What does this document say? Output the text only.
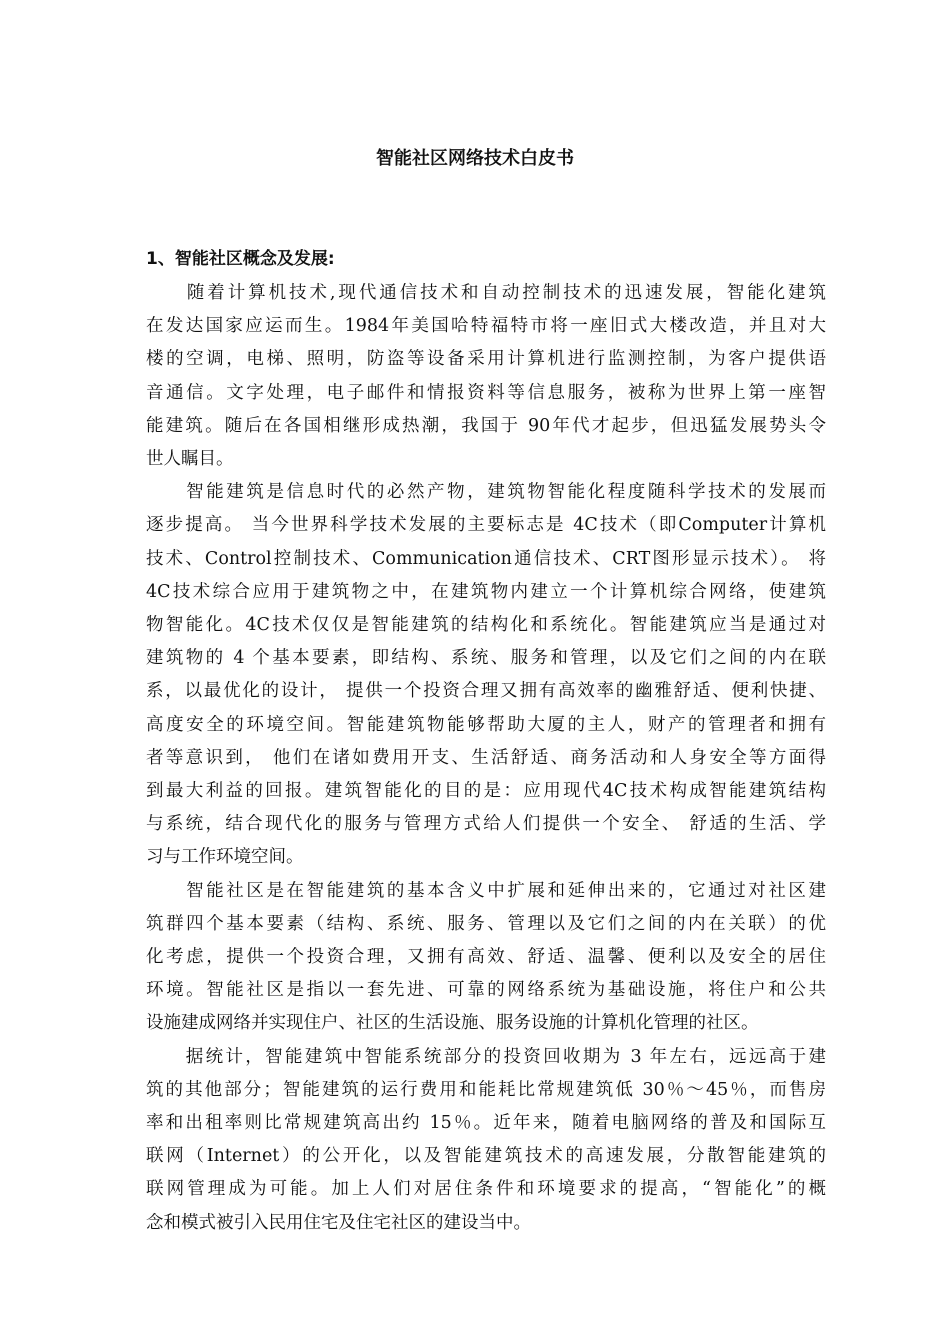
智能社区网络技术白皮书
1、智能社区概念及发展:

　　随着计算机技术,现代通信技术和自动控制技术的迅速发展，智能化建筑
在发达国家应运而生。1984年美国哈特福特市将一座旧式大楼改造，并且对大
楼的空调，电梯、照明，防盗等设备采用计算机进行监测控制，为客户提供语
音通信。文字处理，电子邮件和情报资料等信息服务，被称为世界上第一座智
能建筑。随后在各国相继形成热潮，我国于 90年代才起步，但迅猛发展势头令
世人瞩目。

　　智能建筑是信息时代的必然产物，建筑物智能化程度随科学技术的发展而
逐步提高。 当今世界科学技术发展的主要标志是 4C技术（即Computer计算机
技术、Control控制技术、Communication通信技术、CRT图形显示技术）。 将
4C技术综合应用于建筑物之中，在建筑物内建立一个计算机综合网络，使建筑
物智能化。4C技术仅仅是智能建筑的结构化和系统化。智能建筑应当是通过对
建筑物的 4 个基本要素，即结构、系统、服务和管理，以及它们之间的内在联
系，以最优化的设计， 提供一个投资合理又拥有高效率的幽雅舒适、便利快捷、
高度安全的环境空间。智能建筑物能够帮助大厦的主人，财产的管理者和拥有
者等意识到， 他们在诸如费用开支、生活舒适、商务活动和人身安全等方面得
到最大利益的回报。建筑智能化的目的是：应用现代4C技术构成智能建筑结构
与系统，结合现代化的服务与管理方式给人们提供一个安全、 舒适的生活、学
习与工作环境空间。

　　智能社区是在智能建筑的基本含义中扩展和延伸出来的，它通过对社区建
筑群四个基本要素（结构、系统、服务、管理以及它们之间的内在关联）的优
化考虑，提供一个投资合理，又拥有高效、舒适、温馨、便利以及安全的居住
环境。智能社区是指以一套先进、可靠的网络系统为基础设施，将住户和公共
设施建成网络并实现住户、社区的生活设施、服务设施的计算机化管理的社区。

　　据统计，智能建筑中智能系统部分的投资回收期为 3 年左右，远远高于建
筑的其他部分；智能建筑的运行费用和能耗比常规建筑低 30％～45％，而售房
率和出租率则比常规建筑高出约 15％。近年来，随着电脑网络的普及和国际互
联网（Internet）的公开化，以及智能建筑技术的高速发展，分散智能建筑的
联网管理成为可能。加上人们对居住条件和环境要求的提高，“智能化”的概
念和模式被引入民用住宅及住宅社区的建设当中。
